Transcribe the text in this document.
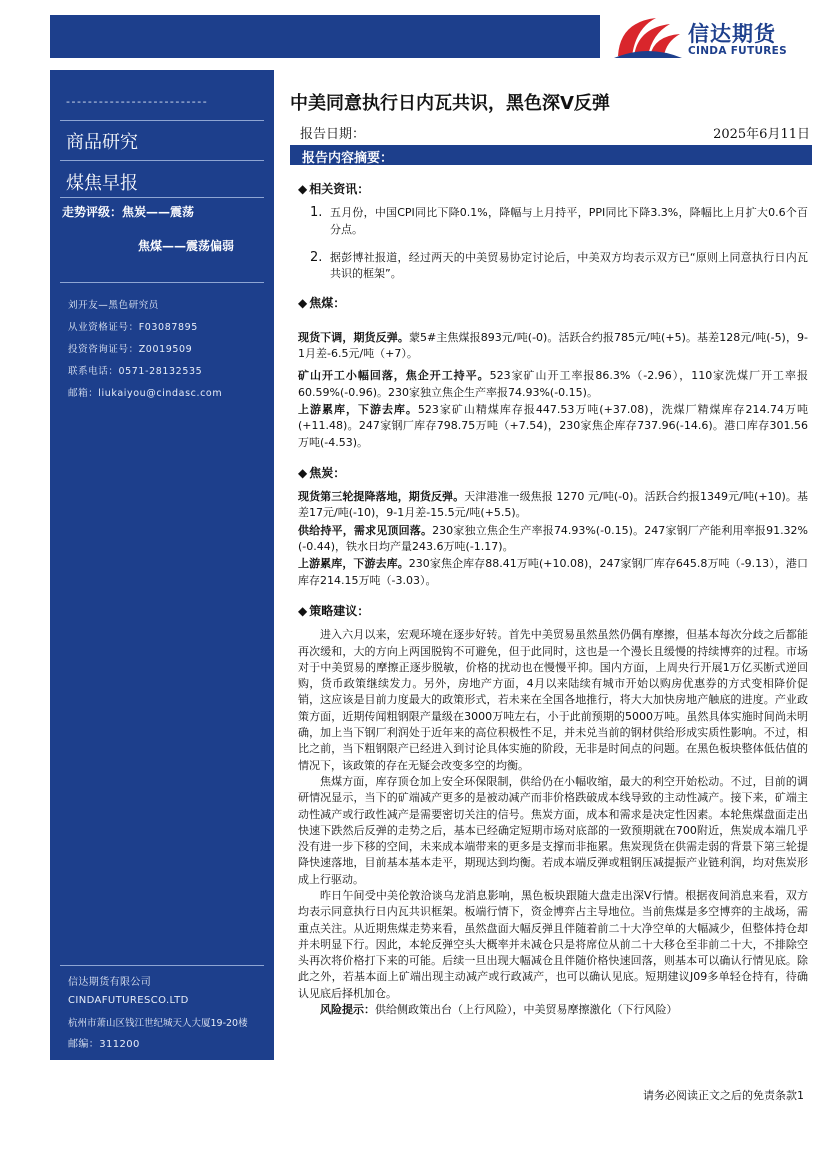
信达期货
CINDA FUTURES
--------------------------
商品研究
煤焦早报
走势评级：焦炭——震荡
焦煤——震荡偏弱
刘开友—黑色研究员
从业资格证号：F03087895
投资咨询证号：Z0019509
联系电话：0571-28132535
邮箱：liukaiyou@cindasc.com
信达期货有限公司
CINDAFUTURESCO.LTD
杭州市萧山区钱江世纪城天人大厦19-20楼
邮编：311200
中美同意执行日内瓦共识，黑色深V反弹
报告日期：	2025年6月11日
报告内容摘要：
◆ 相关资讯：
1. 五月份，中国CPI同比下降0.1%，降幅与上月持平，PPI同比下降3.3%，降幅比上月扩大0.6个百分点。
2. 据彭博社报道，经过两天的中美贸易协定讨论后，中美双方均表示双方已“原则上同意执行日内瓦共识的框架”。
◆ 焦煤：
现货下调，期货反弹。蒙5#主焦煤报893元/吨(-0)。活跃合约报785元/吨(+5)。基差128元/吨(-5)，9-1月差-6.5元/吨（+7）。
矿山开工小幅回落，焦企开工持平。523家矿山开工率报86.3%（-2.96），110家洗煤厂开工率报60.59%(-0.96)。230家独立焦企生产率报74.93%(-0.15)。
上游累库，下游去库。523家矿山精煤库存报447.53万吨(+37.08)，洗煤厂精煤库存214.74万吨(+11.48)。247家钢厂库存798.75万吨（+7.54)，230家焦企库存737.96(-14.6)。港口库存301.56万吨(-4.53)。
◆ 焦炭：
现货第三轮提降落地，期货反弹。天津港准一级焦报 1270 元/吨(-0)。活跃合约报1349元/吨(+10)。基差17元/吨(-10)，9-1月差-15.5元/吨(+5.5)。
供给持平，需求见顶回落。230家独立焦企生产率报74.93%(-0.15)。247家钢厂产能利用率报91.32%(-0.44)，铁水日均产量243.6万吨(-1.17)。
上游累库，下游去库。230家焦企库存88.41万吨(+10.08)，247家钢厂库存645.8万吨（-9.13），港口库存214.15万吨（-3.03）。
◆ 策略建议：
进入六月以来，宏观环境在逐步好转。首先中美贸易虽然虽然仍偶有摩擦，但基本每次分歧之后都能再次缓和，大的方向上两国脱钩不可避免，但于此同时，这也是一个漫长且缓慢的持续博弈的过程。市场对于中美贸易的摩擦正逐步脱敏，价格的扰动也在慢慢平抑。国内方面，上周央行开展1万亿买断式逆回购，货币政策继续发力。另外，房地产方面，4月以来陆续有城市开始以购房优惠券的方式变相降价促销，这应该是目前力度最大的政策形式，若未来在全国各地推行，将大大加快房地产触底的进度。产业政策方面，近期传闻粗钢限产量级在3000万吨左右，小于此前预期的5000万吨。虽然具体实施时间尚未明确，加上当下钢厂利润处于近年来的高位积极性不足，并未兑当前的钢材供给形成实质性影响。不过，相比之前，当下粗钢限产已经进入到讨论具体实施的阶段，无非是时间点的问题。在黑色板块整体低估值的情况下，该政策的存在无疑会改变多空的均衡。
焦煤方面，库存顶仓加上安全环保限制，供给仍在小幅收缩，最大的利空开始松动。不过，目前的调研情况显示，当下的矿端减产更多的是被动减产而非价格跌破成本线导致的主动性减产。接下来，矿端主动性减产或行政性减产是需要密切关注的信号。焦炭方面，成本和需求是决定性因素。本轮焦煤盘面走出快速下跌然后反弹的走势之后，基本已经确定短期市场对底部的一致预期就在700附近，焦炭成本端几乎没有进一步下移的空间，未来成本端带来的更多是支撑而非拖累。焦炭现货在供需走弱的背景下第三轮提降快速落地，目前基本基本走平，期现达到均衡。若成本端反弹或粗钢压减提振产业链利润，均对焦炭形成上行驱动。
昨日午间受中美伦敦洽谈乌龙消息影响，黑色板块跟随大盘走出深V行情。根据夜间消息来看，双方均表示同意执行日内瓦共识框架。板端行情下，资金博弈占主导地位。当前焦煤是多空博弈的主战场，需重点关注。从近期焦煤走势来看，虽然盘面大幅反弹且伴随着前二十大净空单的大幅减少，但整体持仓却并未明显下行。因此，本轮反弹空头大概率并未减仓只是将席位从前二十大移仓至非前二十大，不排除空头再次将价格打下来的可能。后续一旦出现大幅减仓且伴随价格快速回落，则基本可以确认行情见底。除此之外，若基本面上矿端出现主动减产或行政减产，也可以确认见底。短期建议J09多单轻仓持有，待确认见底后择机加仓。
风险提示：供给侧政策出台（上行风险），中美贸易摩擦激化（下行风险）
请务必阅读正文之后的免责条款1
